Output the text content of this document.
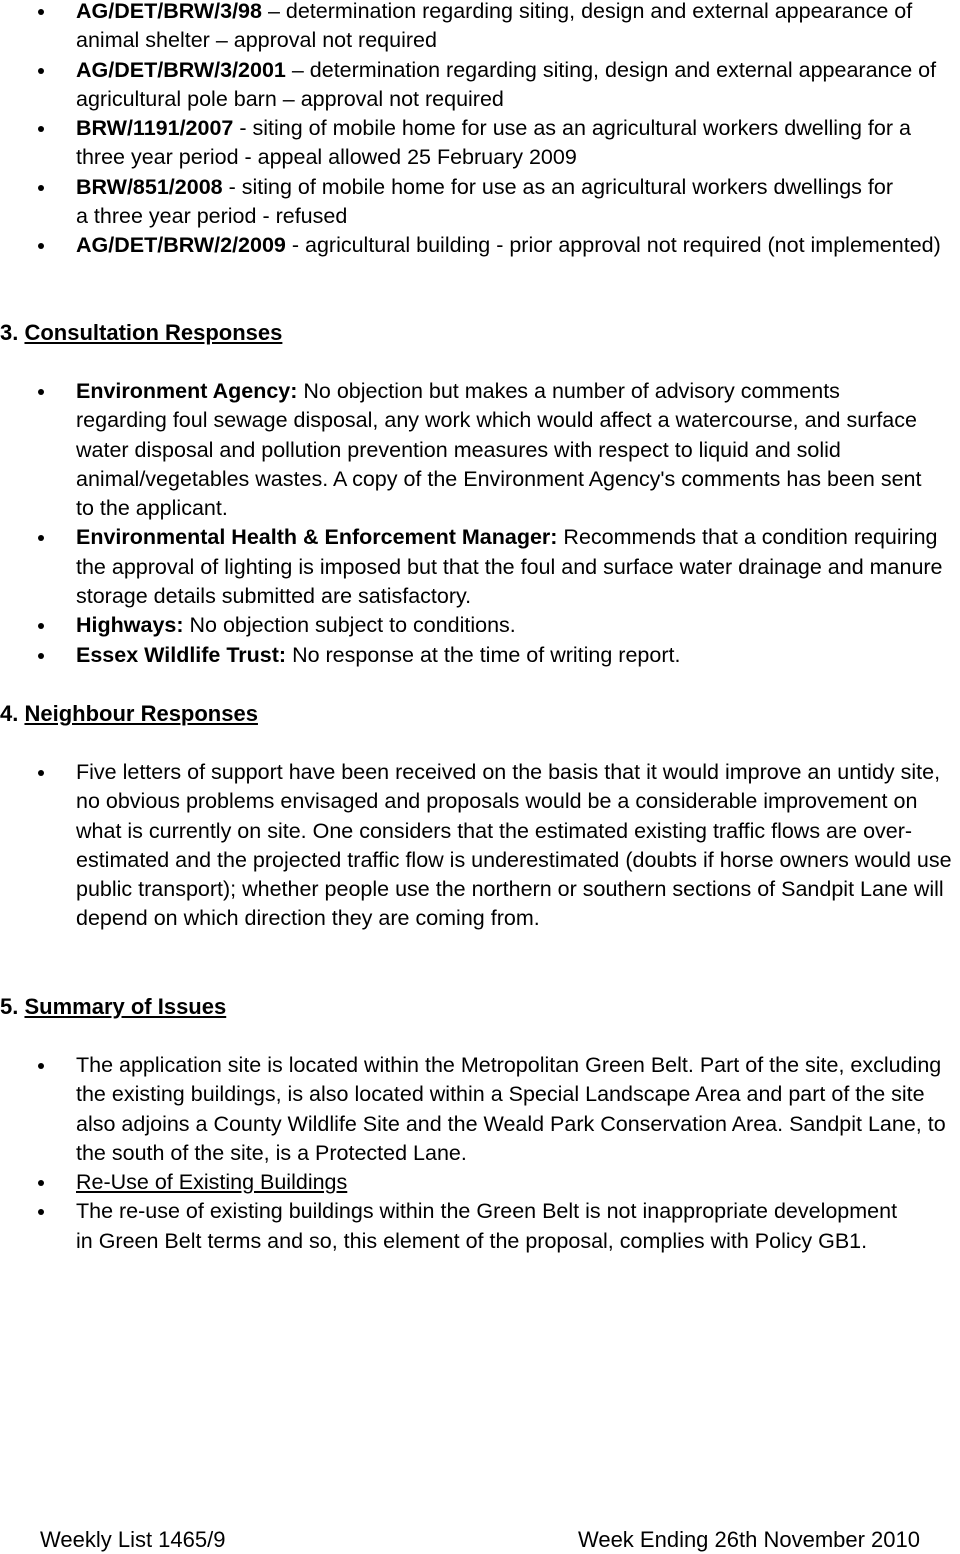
AG/DET/BRW/3/98 – determination regarding siting, design and external appearance of animal shelter – approval not required
AG/DET/BRW/3/2001 – determination regarding siting, design and external appearance of agricultural pole barn – approval not required
BRW/1191/2007 - siting of mobile home for use as an agricultural workers dwelling for a three year period - appeal allowed 25 February 2009
BRW/851/2008 - siting of mobile home for use as an agricultural workers dwellings for a three year period - refused
AG/DET/BRW/2/2009 - agricultural building - prior approval not required (not implemented)
3. Consultation Responses
Environment Agency: No objection but makes a number of advisory comments regarding foul sewage disposal, any work which would affect a watercourse, and surface water disposal and pollution prevention measures with respect to liquid and solid animal/vegetables wastes. A copy of the Environment Agency's comments has been sent to the applicant.
Environmental Health & Enforcement Manager: Recommends that a condition requiring the approval of lighting is imposed but that the foul and surface water drainage and manure storage details submitted are satisfactory.
Highways: No objection subject to conditions.
Essex Wildlife Trust: No response at the time of writing report.
4. Neighbour Responses
Five letters of support have been received on the basis that it would improve an untidy site, no obvious problems envisaged and proposals would be a considerable improvement on what is currently on site. One considers that the estimated existing traffic flows are over-estimated and the projected traffic flow is underestimated (doubts if horse owners would use public transport); whether people use the northern or southern sections of Sandpit Lane will depend on which direction they are coming from.
5. Summary of Issues
The application site is located within the Metropolitan Green Belt. Part of the site, excluding the existing buildings, is also located within a Special Landscape Area and part of the site also adjoins a County Wildlife Site and the Weald Park Conservation Area. Sandpit Lane, to the south of the site, is a Protected Lane.
Re-Use of Existing Buildings
The re-use of existing buildings within the Green Belt is not inappropriate development in Green Belt terms and so, this element of the proposal, complies with Policy GB1.
Weekly List 1465/9	Week Ending 26th November 2010
